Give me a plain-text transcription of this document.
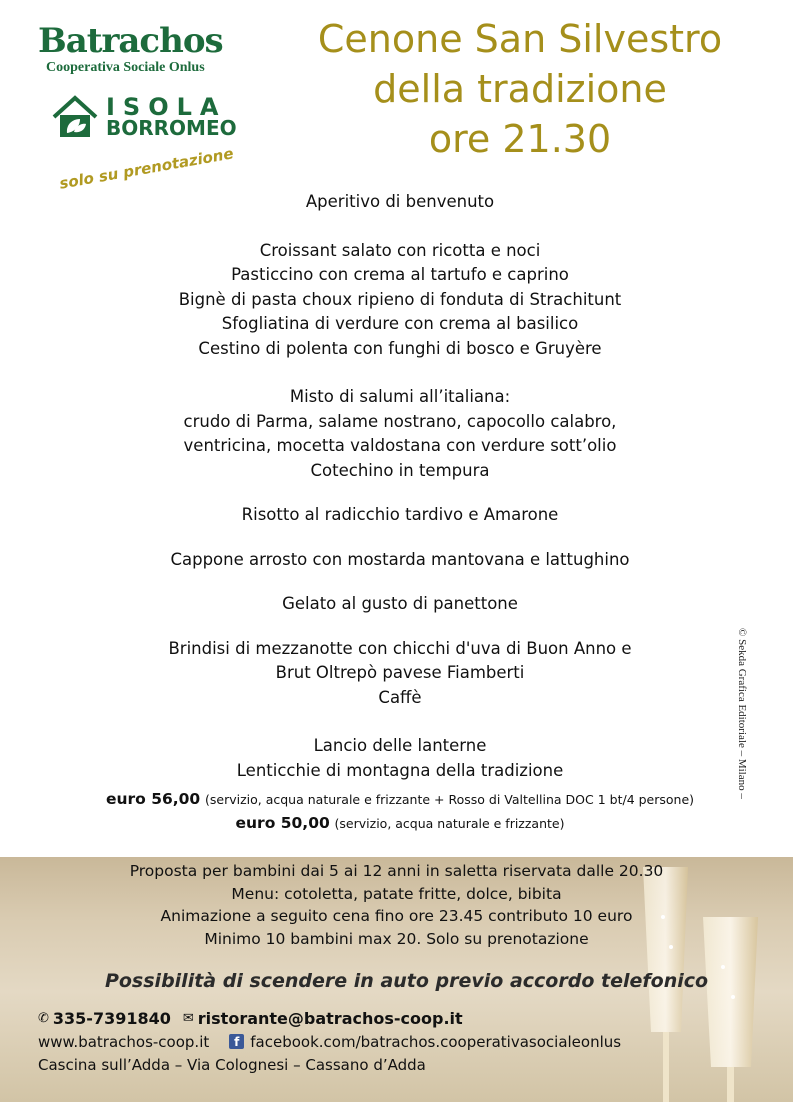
Batrachos
Cooperativa Sociale Onlus
ISOLA
BORROMEO
solo su prenotazione
Cenone San Silvestro
della tradizione
ore 21.30

Aperitivo di benvenuto

Croissant salato con ricotta e noci

Pasticcino con crema al tartufo e caprino

Bignè di pasta choux ripieno di fonduta di Strachitunt

Sfogliatina di verdure con crema al basilico

Cestino di polenta con funghi di bosco e Gruyère

Misto di salumi all’italiana:

crudo di Parma, salame nostrano, capocollo calabro,

ventricina, mocetta valdostana con verdure sott’olio

Cotechino in tempura

Risotto al radicchio tardivo e Amarone

Cappone arrosto con mostarda mantovana e lattughino

Gelato al gusto di panettone

Brindisi di mezzanotte con chicchi d'uva di Buon Anno e

Brut Oltrepò pavese Fiamberti

Caffè

Lancio delle lanterne

Lenticchie di montagna della tradizione

euro 56,00 (servizio, acqua naturale e frizzante + Rosso di Valtellina DOC 1 bt/4 persone)
euro 50,00 (servizio, acqua naturale e frizzante)
© Sekda Grafica Editoriale – Milano –

Proposta per bambini dai 5 ai 12 anni in saletta riservata dalle 20.30

Menu: cotoletta, patate fritte, dolce, bibita

Animazione a seguito cena fino ore 23.45 contributo 10 euro

Minimo 10 bambini max 20. Solo su prenotazione

Possibilità di scendere in auto previo accordo telefonico
✆ 335-7391840 ✉ ristorante@batrachos-coop.it
www.batrachos-coop.it	f facebook.com/batrachos.cooperativasocialeonlus
Cascina sull’Adda – Via Colognesi – Cassano d’Adda
